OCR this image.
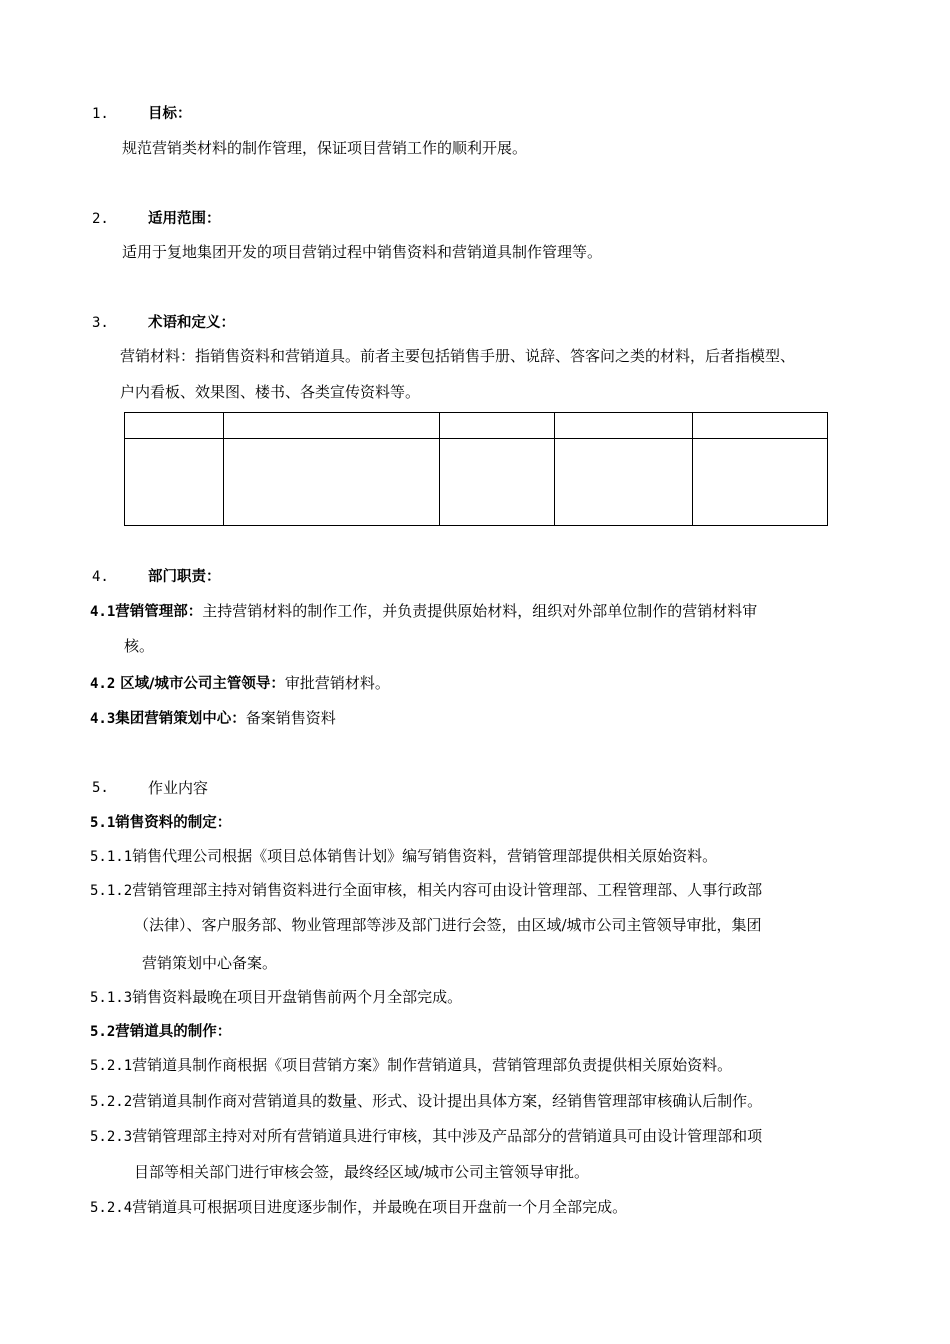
1.	目标：
规范营销类材料的制作管理，保证项目营销工作的顺利开展。
2.	适用范围：
适用于复地集团开发的项目营销过程中销售资料和营销道具制作管理等。
3.	术语和定义：
营销材料：指销售资料和营销道具。前者主要包括销售手册、说辞、答客问之类的材料，后者指模型、
户内看板、效果图、楼书、各类宣传资料等。

4.	部门职责：
4.1营销管理部：主持营销材料的制作工作，并负责提供原始材料，组织对外部单位制作的营销材料审
核。
4.2 区域/城市公司主管领导：审批营销材料。
4.3集团营销策划中心：备案销售资料
5.	作业内容
5.1销售资料的制定：
5.1.1销售代理公司根据《项目总体销售计划》编写销售资料，营销管理部提供相关原始资料。
5.1.2营销管理部主持对销售资料进行全面审核，相关内容可由设计管理部、工程管理部、人事行政部
（法律）、客户服务部、物业管理部等涉及部门进行会签，由区域/城市公司主管领导审批，集团
营销策划中心备案。
5.1.3销售资料最晚在项目开盘销售前两个月全部完成。
5.2营销道具的制作：
5.2.1营销道具制作商根据《项目营销方案》制作营销道具，营销管理部负责提供相关原始资料。
5.2.2营销道具制作商对营销道具的数量、形式、设计提出具体方案，经销售管理部审核确认后制作。
5.2.3营销管理部主持对对所有营销道具进行审核，其中涉及产品部分的营销道具可由设计管理部和项
目部等相关部门进行审核会签，最终经区域/城市公司主管领导审批。
5.2.4营销道具可根据项目进度逐步制作，并最晚在项目开盘前一个月全部完成。
